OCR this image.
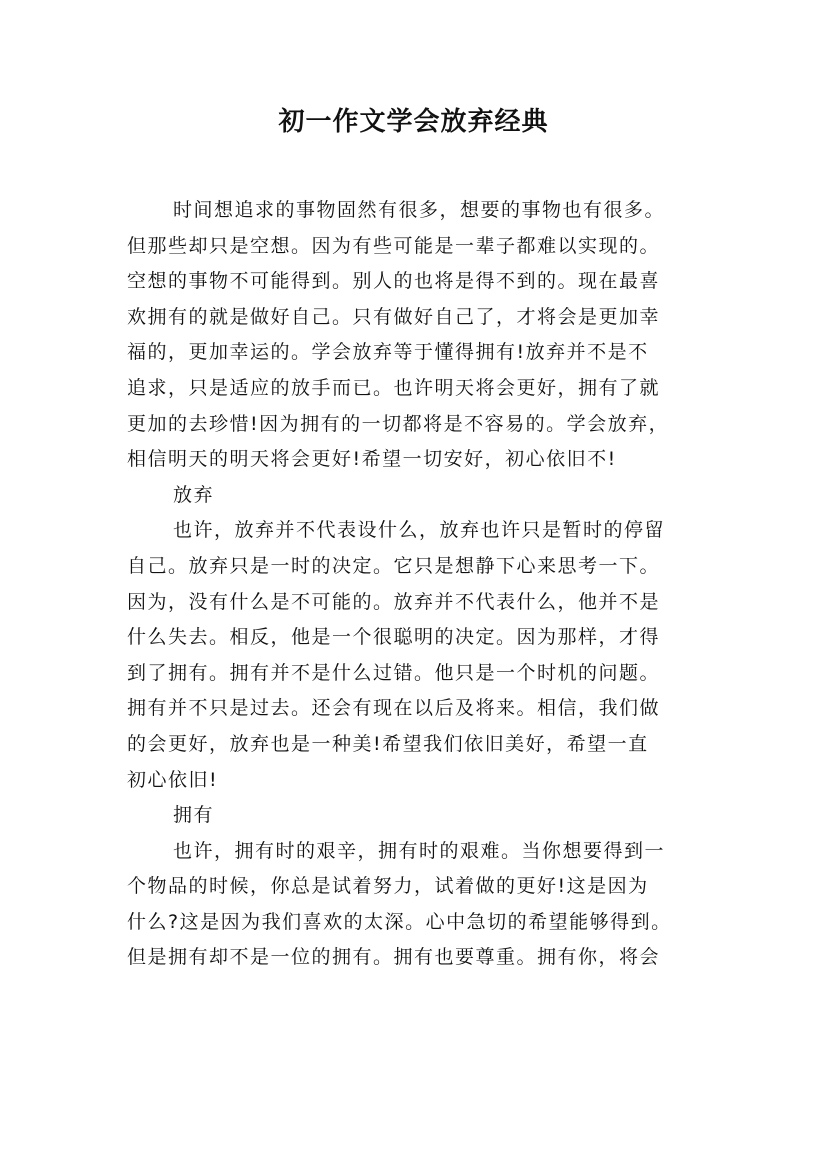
初一作文学会放弃经典
时间想追求的事物固然有很多，想要的事物也有很多。
但那些却只是空想。因为有些可能是一辈子都难以实现的。
空想的事物不可能得到。别人的也将是得不到的。现在最喜
欢拥有的就是做好自己。只有做好自己了，才将会是更加幸
福的，更加幸运的。学会放弃等于懂得拥有!放弃并不是不
追求，只是适应的放手而已。也许明天将会更好，拥有了就
更加的去珍惜!因为拥有的一切都将是不容易的。学会放弃，
相信明天的明天将会更好!希望一切安好，初心依旧不!
放弃
也许，放弃并不代表设什么，放弃也许只是暂时的停留
自己。放弃只是一时的决定。它只是想静下心来思考一下。
因为，没有什么是不可能的。放弃并不代表什么，他并不是
什么失去。相反，他是一个很聪明的决定。因为那样，才得
到了拥有。拥有并不是什么过错。他只是一个时机的问题。
拥有并不只是过去。还会有现在以后及将来。相信，我们做
的会更好，放弃也是一种美!希望我们依旧美好，希望一直
初心依旧!
拥有
也许，拥有时的艰辛，拥有时的艰难。当你想要得到一
个物品的时候，你总是试着努力，试着做的更好!这是因为
什么?这是因为我们喜欢的太深。心中急切的希望能够得到。
但是拥有却不是一位的拥有。拥有也要尊重。拥有你，将会
